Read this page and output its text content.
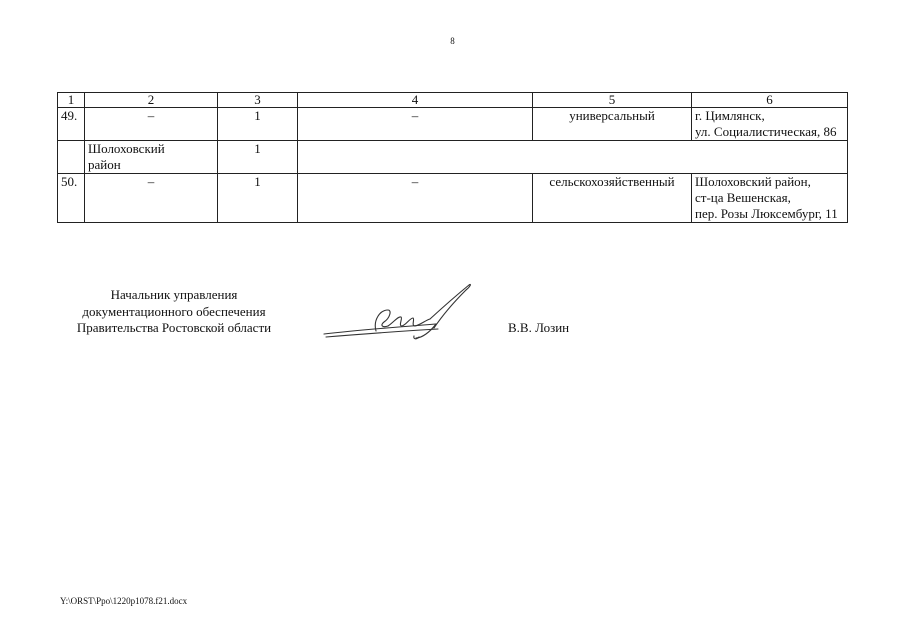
8
1	2	3	4	5	6
49.	–	1	–	универсальный	г. Цимлянск,
ул. Социалистическая, 86

	Шолоховский
район	1			
50.	–	1	–	сельскохозяйственный	Шолоховский район,
ст-ца Вешенская,
пер. Розы Люксембург, 11
Начальник управления
документационного обеспечения
Правительства Ростовской области	В.В. Лозин
Y:\ORST\Ppo\1220p1078.f21.docx
